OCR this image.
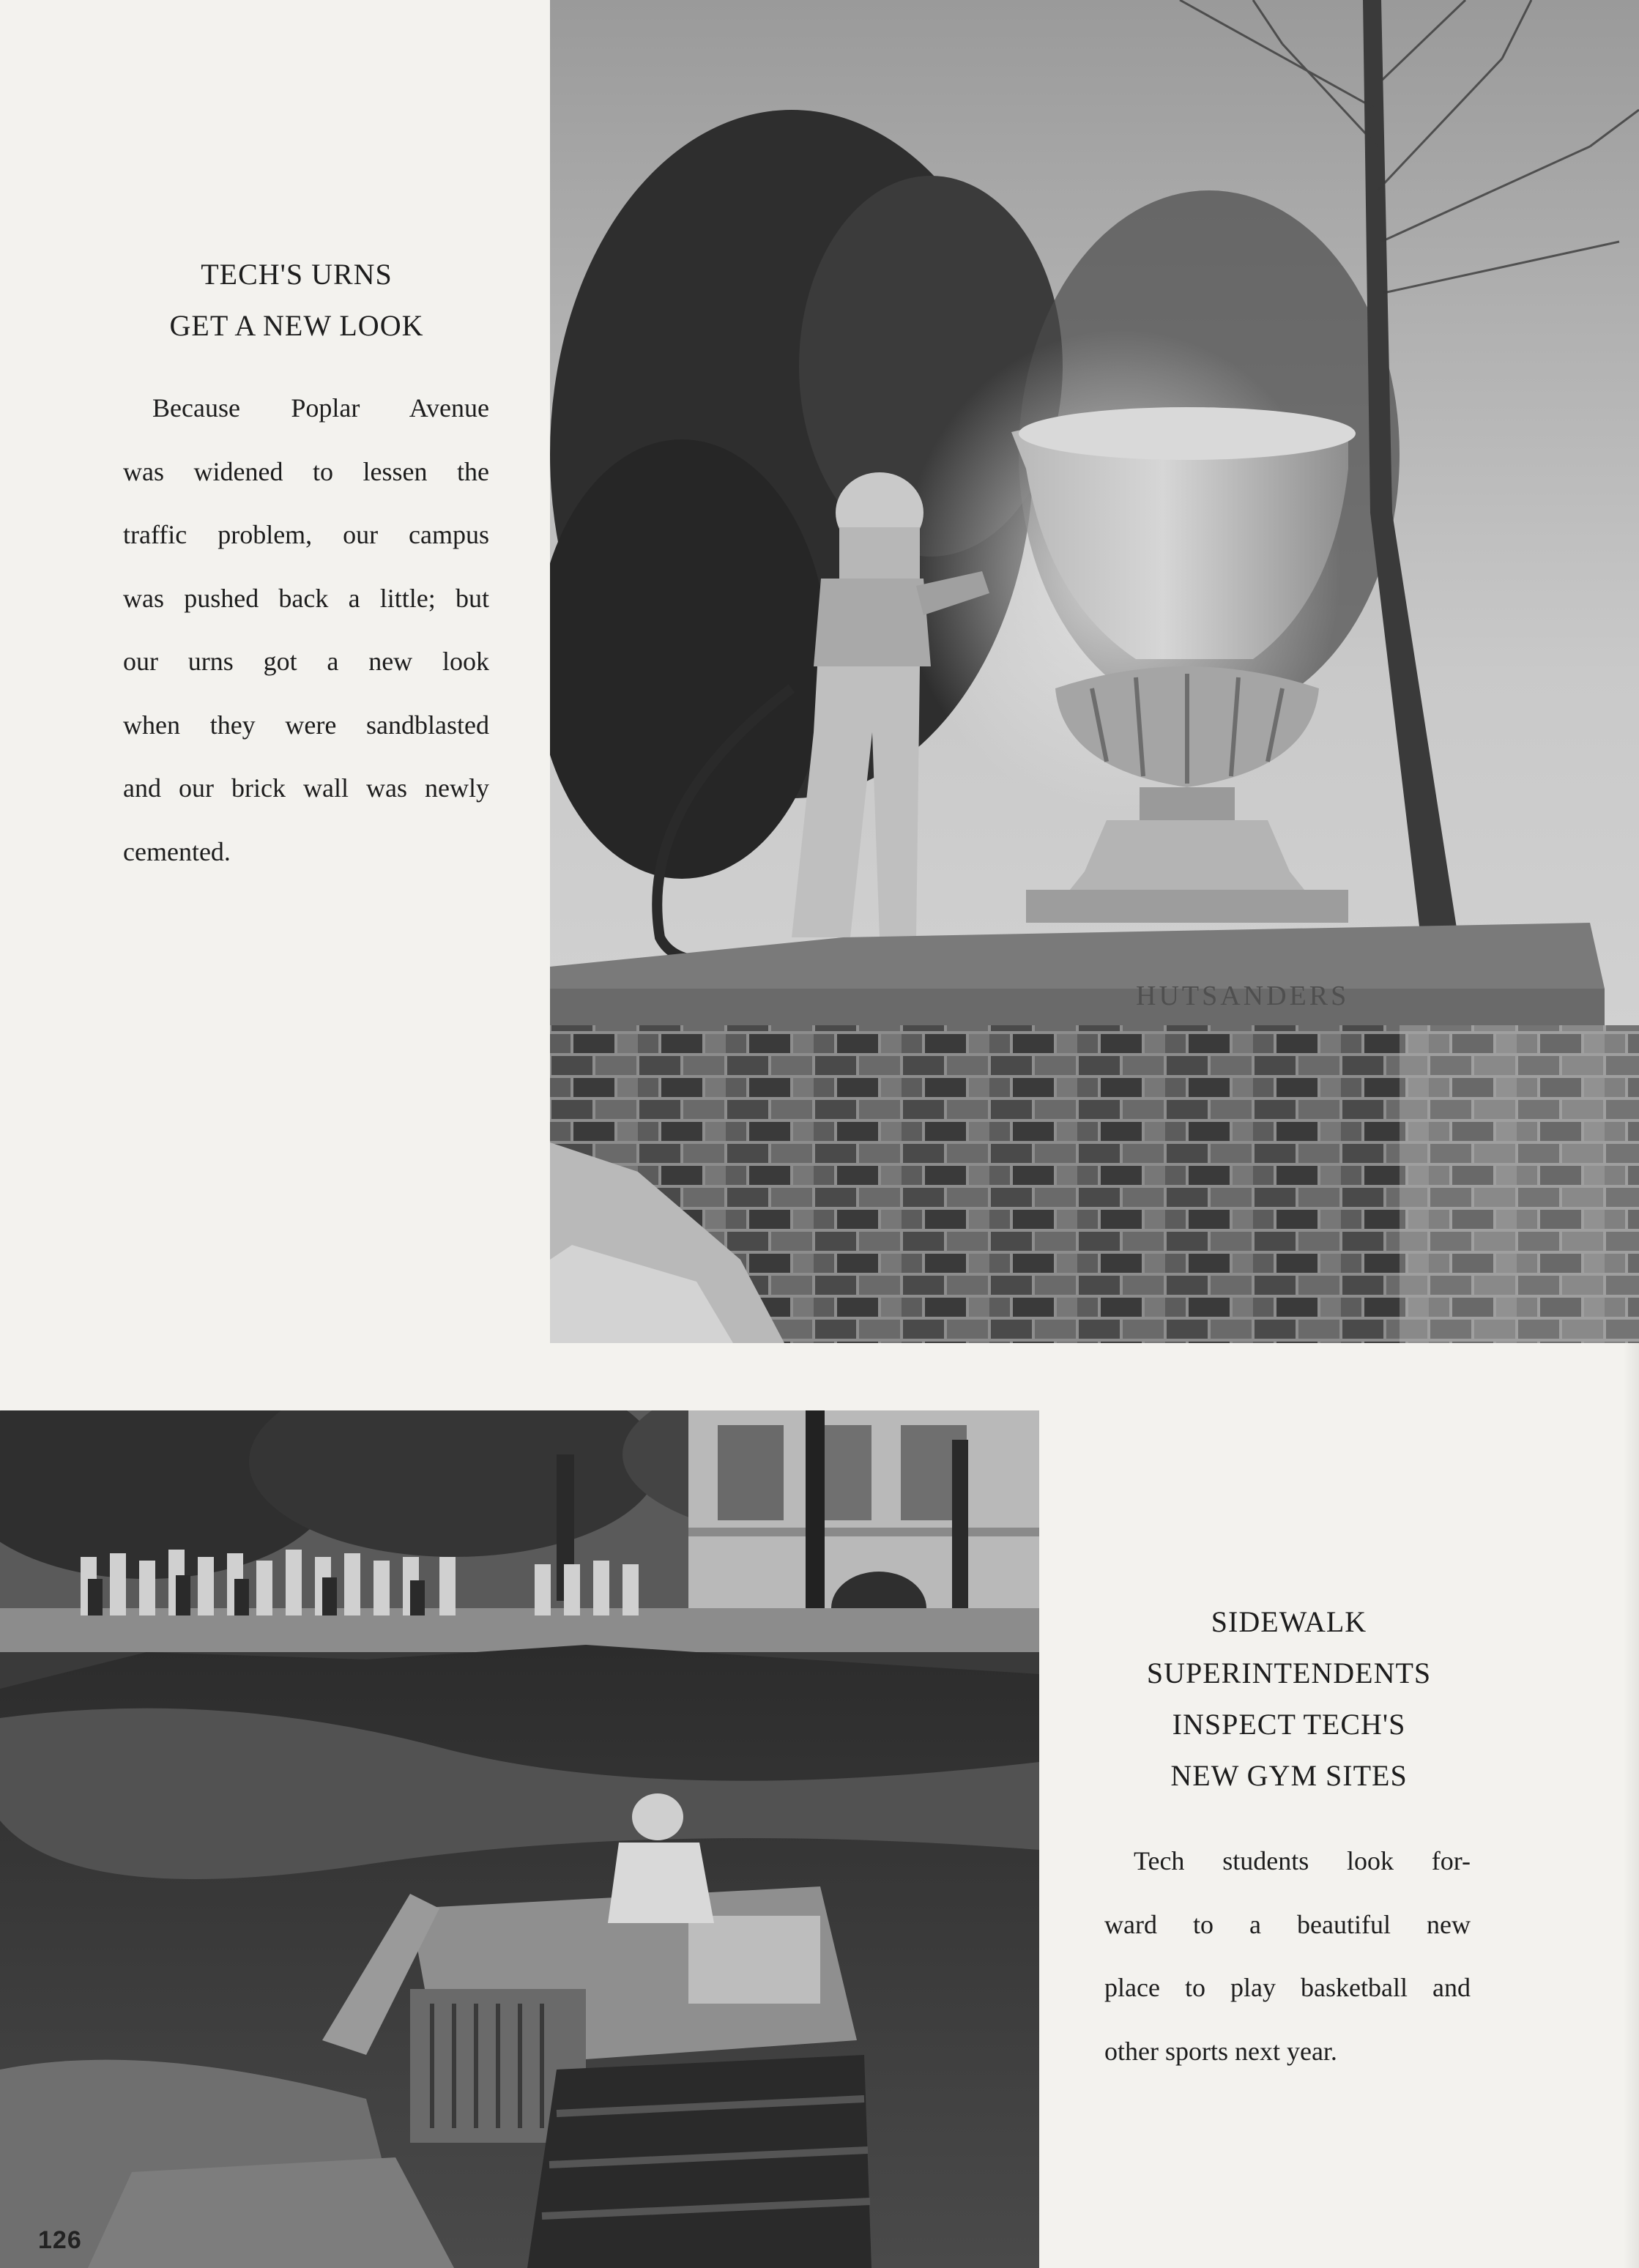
TECH'S URNS
GET A NEW LOOK
Because Poplar Avenue
was widened to lessen the
traffic problem, our campus
was pushed back a little; but
our urns got a new look
when they were sandblasted
and our brick wall was newly
cemented.
HUTSANDERS
SIDEWALK
SUPERINTENDENTS
INSPECT TECH'S
NEW GYM SITES
Tech students look for-
ward to a beautiful new
place to play basketball and
other sports next year.
126
